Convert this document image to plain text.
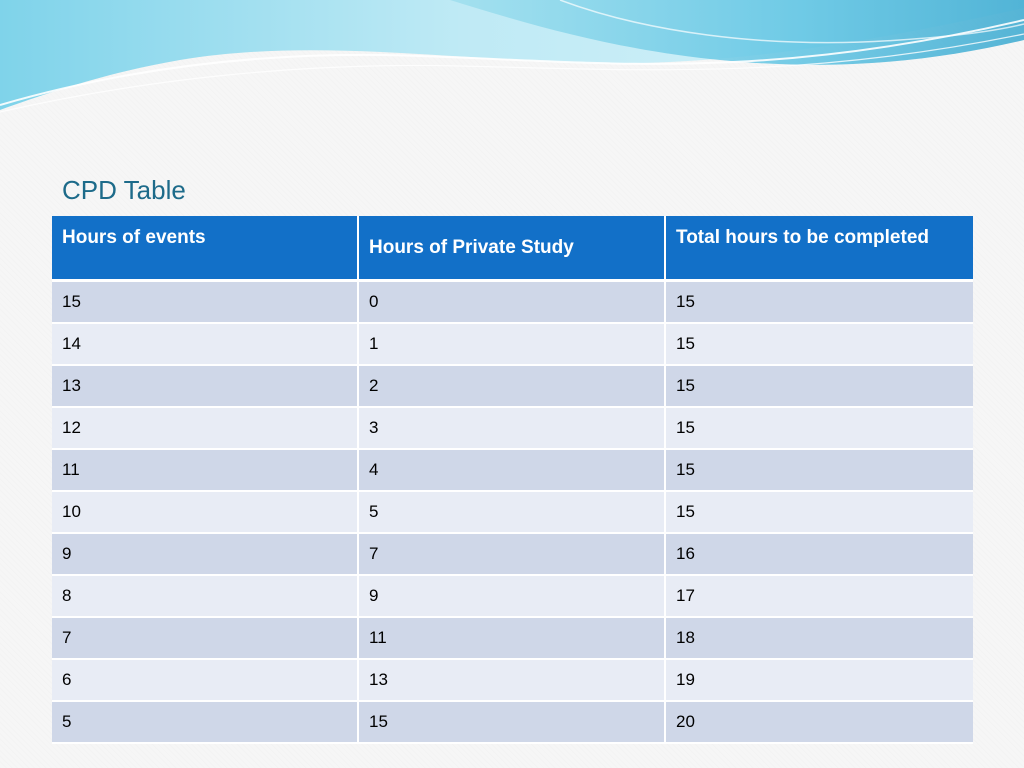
CPD Table
Hours of events	Hours of Private Study	Total hours to be completed
15	0	15
14	1	15
13	2	15
12	3	15
11	4	15
10	5	15
9	7	16
8	9	17
7	11	18
6	13	19
5	15	20
